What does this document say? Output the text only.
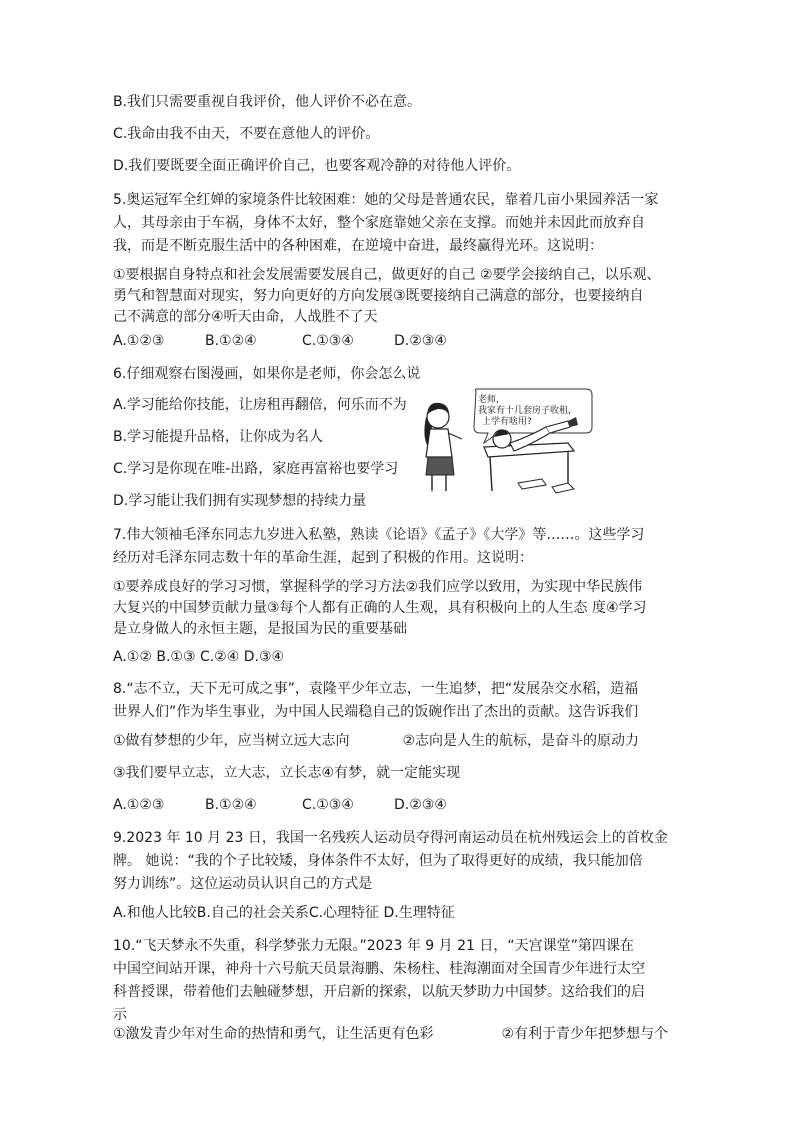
B.我们只需要重视自我评价，他人评价不必在意。
C.我命由我不由天，不要在意他人的评价。
D.我们要既要全面正确评价自己，也要客观冷静的对待他人评价。
5.奥运冠军全红婵的家境条件比较困难：她的父母是普通农民，靠着几亩小果园养活一家
人，其母亲由于车祸，身体不太好，整个家庭靠她父亲在支撑。而她并未因此而放弃自
我，而是不断克服生活中的各种困难，在逆境中奋进，最终赢得光环。这说明：
①要根据自身特点和社会发展需要发展自己，做更好的自己 ②要学会接纳自己，以乐观、
勇气和智慧面对现实，努力向更好的方向发展③既要接纳自己满意的部分，也要接纳自
己不满意的部分④听天由命，人战胜不了天
A.①②③	B.①②④	C.①③④	D.②③④
6.仔细观察右图漫画，如果你是老师，你会怎么说
A.学习能给你技能，让房租再翻倍，何乐而不为
B.学习能提升品格，让你成为名人
C.学习是你现在唯-出路，家庭再富裕也要学习
D.学习能让我们拥有实现梦想的持续力量
老师，
我家有十几套房子收租，
上学有啥用?
7.伟大领袖毛泽东同志九岁进入私塾，熟读《论语》《孟子》《大学》等……。这些学习
经历对毛泽东同志数十年的革命生涯，起到了积极的作用。这说明：
①要养成良好的学习习惯，掌握科学的学习方法②我们应学以致用，为实现中华民族伟
大复兴的中国梦贡献力量③每个人都有正确的人生观，具有积极向上的人生态 度④学习
是立身做人的永恒主题，是报国为民的重要基础
A.①② B.①③ C.②④ D.③④
8.“志不立，天下无可成之事”，袁隆平少年立志，一生追梦，把“发展杂交水稻，造福
世界人们”作为毕生事业，为中国人民端稳自己的饭碗作出了杰出的贡献。这告诉我们
①做有梦想的少年，应当树立远大志向	②志向是人生的航标，是奋斗的原动力
③我们要早立志，立大志，立长志④有梦，就一定能实现
A.①②③	B.①②④	C.①③④	D.②③④
9.2023 年 10 月 23 日，我国一名残疾人运动员夺得河南运动员在杭州残运会上的首枚金
牌。 她说：“我的个子比较矮，身体条件不太好，但为了取得更好的成绩，我只能加倍
努力训练”。这位运动员认识自己的方式是
A.和他人比较B.自己的社会关系C.心理特征 D.生理特征
10.“飞天梦永不失重，科学梦张力无限。”2023 年 9 月 21 日，“天宫课堂”第四课在
中国空间站开课，神舟十六号航天员景海鹏、朱杨柱、桂海潮面对全国青少年进行太空
科普授课，带着他们去触碰梦想，开启新的探索，以航天梦助力中国梦。这给我们的启
示
①激发青少年对生命的热情和勇气，让生活更有色彩	②有利于青少年把梦想与个
